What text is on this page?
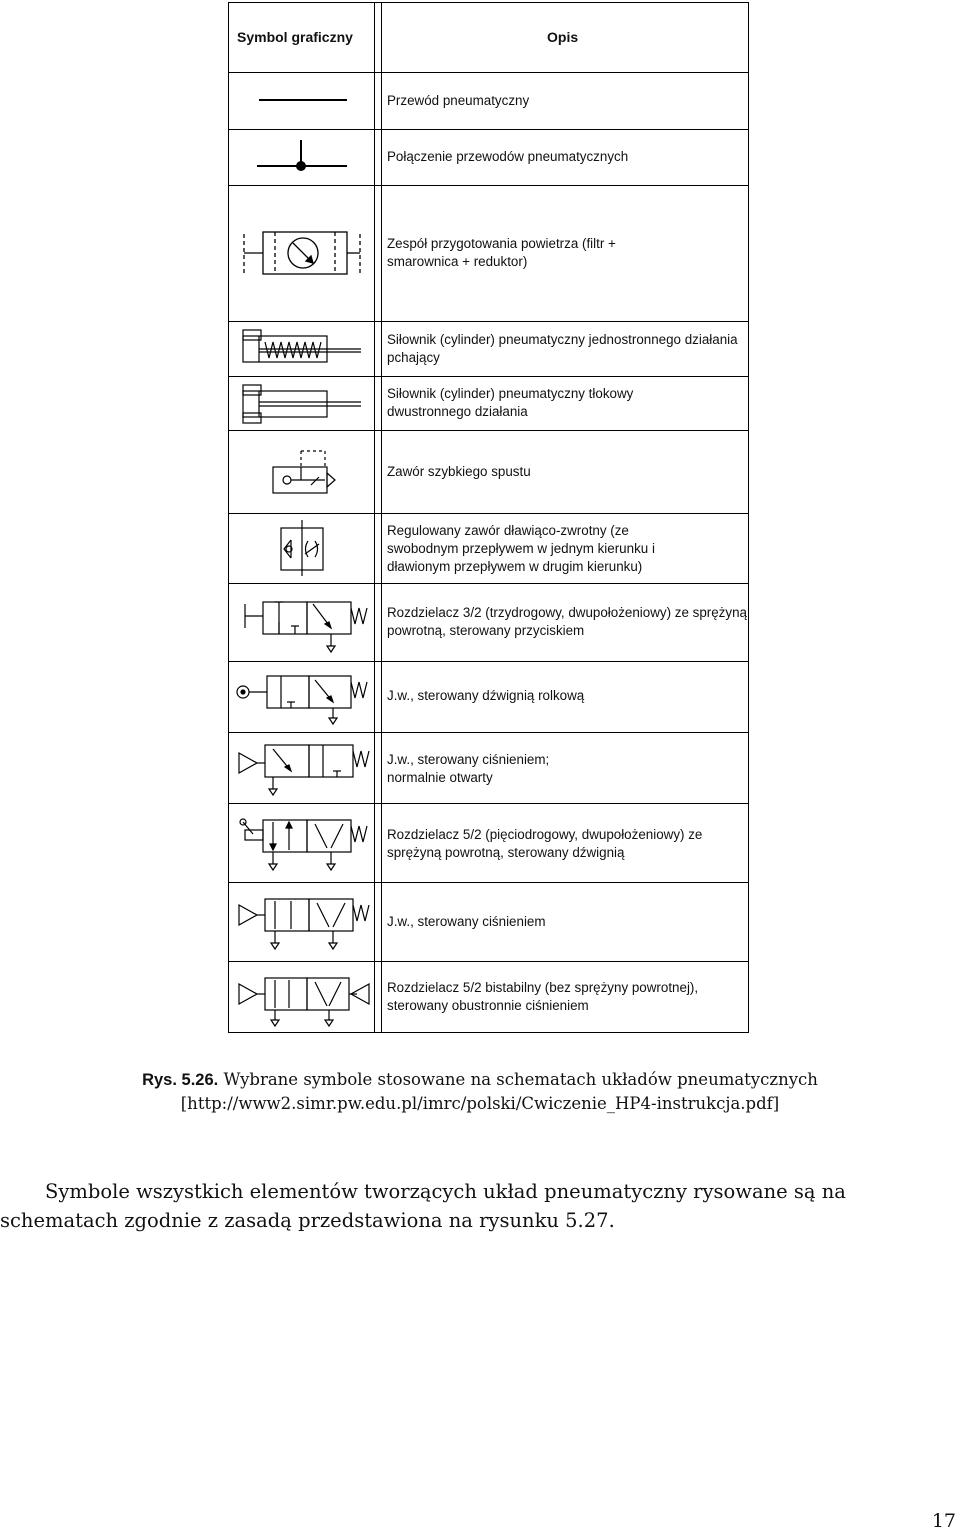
Symbol graficzny	Opis
Przewód pneumatyczny
Połączenie przewodów pneumatycznych
Zespół przygotowania powietrza (filtr + smarownica + reduktor)
Siłownik (cylinder) pneumatyczny jednostronnego działania pchający
Siłownik (cylinder) pneumatyczny tłokowy dwustronnego działania
Zawór szybkiego spustu
Regulowany zawór dławiąco-zwrotny (ze swobodnym przepływem w jednym kierunku i dławionym przepływem w drugim kierunku)
Rozdzielacz 3/2 (trzydrogowy, dwupołożeniowy) ze sprężyną powrotną, sterowany przyciskiem
J.w., sterowany dźwignią rolkową
J.w., sterowany ciśnieniem; normalnie otwarty
Rozdzielacz 5/2 (pięciodrogowy, dwupołożeniowy) ze sprężyną powrotną, sterowany dźwignią
J.w., sterowany ciśnieniem
Rozdzielacz 5/2 bistabilny (bez sprężyny powrotnej), sterowany obustronnie ciśnieniem
Rys. 5.26. Wybrane symbole stosowane na schematach układów pneumatycznych
[http://www2.simr.pw.edu.pl/imrc/polski/Cwiczenie_HP4-instrukcja.pdf]
Symbole wszystkich elementów tworzących układ pneumatyczny rysowane są na
schematach zgodnie z zasadą przedstawiona na rysunku 5.27.
17
